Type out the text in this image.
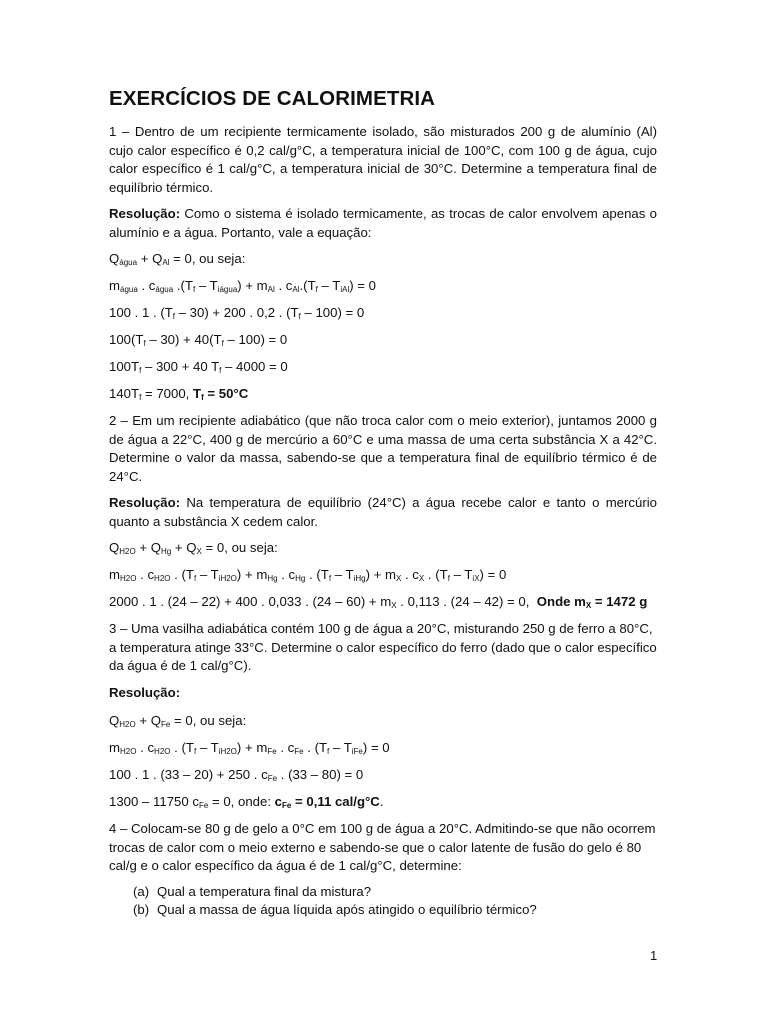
EXERCÍCIOS DE CALORIMETRIA

1 – Dentro de um recipiente termicamente isolado, são misturados 200 g de alumínio (Al) cujo calor específico é 0,2 cal/g°C, a temperatura inicial de 100°C, com 100 g de água, cujo calor específico é 1 cal/g°C, a temperatura inicial de 30°C. Determine a temperatura final de equilíbrio térmico.

Resolução: Como o sistema é isolado termicamente, as trocas de calor envolvem apenas o alumínio e a água. Portanto, vale a equação:

$Q_{água} + Q_{Al} = 0$, ou seja:
$m_{água}$ . $c_{água}$ $.(T_f - T_{iágua}) + m_{Al}$ . $c_{Al}.(T_f - T_{iAl}) = 0$
100 . 1 . $(T_f - 30) + 200$ . 0,2 . $(T_f - 100) = 0$
$100(T_f - 30) + 40(T_f - 100) = 0$
$100T_f - 300 + 40$ $T_f - 4000 = 0$
$140T_f = 7000$, $T_f = 50^\circ C$

2 – Em um recipiente adiabático (que não troca calor com o meio exterior), juntamos 2000 g de água a 22°C, 400 g de mercúrio a 60°C e uma massa de uma certa substância X a 42°C. Determine o valor da massa, sabendo-se que a temperatura final de equilíbrio térmico é de 24°C.

Resolução: Na temperatura de equilíbrio (24°C) a água recebe calor e tanto o mercúrio quanto a substância X cedem calor.

$Q_{H2O} + Q_{Hg} + Q_X = 0$, ou seja:
$m_{H2O}$ . $c_{H2O}$ . $(T_f - T_{iH2O}) + m_{Hg}$ . $c_{Hg}$ . $(T_f - T_{iHg}) + m_X$ . $c_X$ . $(T_f - T_{iX}) = 0$
2000 . 1 . (24 – 22) + 400 . 0,033 . $(24 - 60) + m_X$ . 0,113 . (24 – 42) = 0,  Onde $m_X = 1472$ g

3 – Uma vasilha adiabática contém 100 g de água a 20°C, misturando 250 g de ferro a 80°C, a temperatura atinge 33°C. Determine o calor específico do ferro (dado que o calor específico da água é de 1 cal/g°C).

Resolução:
$Q_{H2O} + Q_{Fe} = 0$, ou seja:
$m_{H2O}$ . $c_{H2O}$ . $(T_f - T_{iH2O}) + m_{Fe}$ . $c_{Fe}$ . $(T_f - T_{iFe}) = 0$
100 . 1 . (33 – 20) + 250 . $c_{Fe}$ . (33 – 80) = 0
1300 – 11750 $c_{Fe} = 0$, onde: $c_{Fe} = 0,11$ cal/g°C.

4 – Colocam-se 80 g de gelo a 0°C em 100 g de água a 20°C. Admitindo-se que não ocorrem trocas de calor com o meio externo e sabendo-se que o calor latente de fusão do gelo é 80 cal/g e o calor específico da água é de 1 cal/g°C, determine:

(a) Qual a temperatura final da mistura?
(b) Qual a massa de água líquida após atingido o equilíbrio térmico?
1
